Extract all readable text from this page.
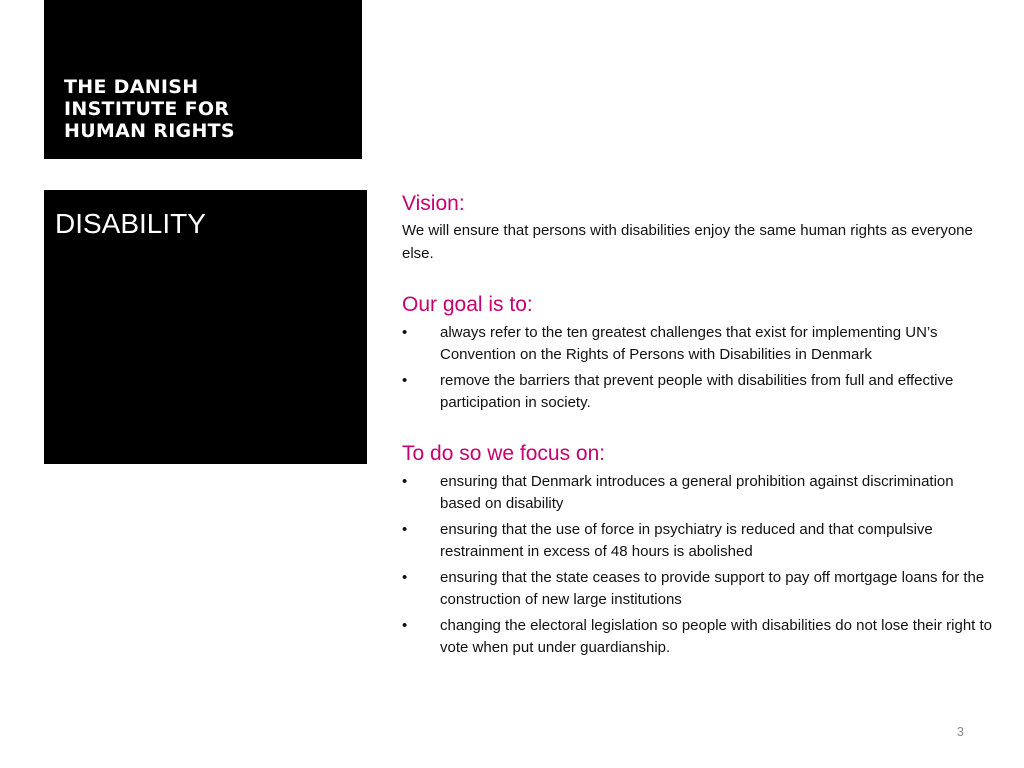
THE DANISH
INSTITUTE FOR
HUMAN RIGHTS

DISABILITY
Vision:

We will ensure that persons with disabilities enjoy the same human rights as everyone else.

Our goal is to:
• always refer to the ten greatest challenges that exist for implementing UN’s Convention on the Rights of Persons with Disabilities in Denmark
• remove the barriers that prevent people with disabilities from full and effective participation in society.
To do so we focus on:
• ensuring that Denmark introduces a general prohibition against discrimination based on disability
• ensuring that the use of force in psychiatry is reduced and that compulsive restrainment in excess of 48 hours is abolished
• ensuring that the state ceases to provide support to pay off mortgage loans for the construction of new large institutions
• changing the electoral legislation so people with disabilities do not lose their right to vote when put under guardianship.

3
